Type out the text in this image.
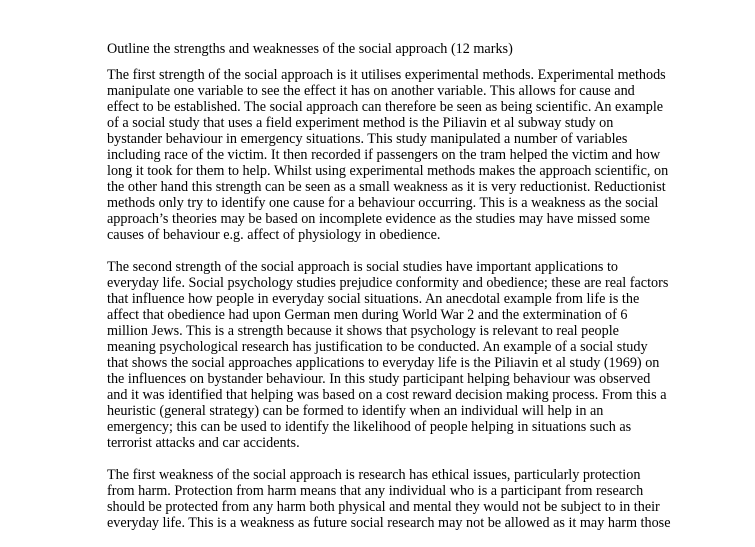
Outline the strengths and weaknesses of the social approach (12 marks)
The first strength of the social approach is it utilises experimental methods. Experimental methods
manipulate one variable to see the effect it has on another variable. This allows for cause and
effect to be established. The social approach can therefore be seen as being scientific. An example
of a social study that uses a field experiment method is the Piliavin et al subway study on
bystander behaviour in emergency situations. This study manipulated a number of variables
including race of the victim. It then recorded if passengers on the tram helped the victim and how
long it took for them to help. Whilst using experimental methods makes the approach scientific, on
the other hand this strength can be seen as a small weakness as it is very reductionist. Reductionist
methods only try to identify one cause for a behaviour occurring. This is a weakness as the social
approach’s theories may be based on incomplete evidence as the studies may have missed some
causes of behaviour e.g. affect of physiology in obedience.
The second strength of the social approach is social studies have important applications to
everyday life. Social psychology studies prejudice conformity and obedience; these are real factors
that influence how people in everyday social situations. An anecdotal example from life is the
affect that obedience had upon German men during World War 2 and the extermination of 6
million Jews. This is a strength because it shows that psychology is relevant to real people
meaning psychological research has justification to be conducted. An example of a social study
that shows the social approaches applications to everyday life is the Piliavin et al study (1969) on
the influences on bystander behaviour. In this study participant helping behaviour was observed
and it was identified that helping was based on a cost reward decision making process. From this a
heuristic (general strategy) can be formed to identify when an individual will help in an
emergency; this can be used to identify the likelihood of people helping in situations such as
terrorist attacks and car accidents.
The first weakness of the social approach is research has ethical issues, particularly protection
from harm. Protection from harm means that any individual who is a participant from research
should be protected from any harm both physical and mental they would not be subject to in their
everyday life. This is a weakness as future social research may not be allowed as it may harm those
